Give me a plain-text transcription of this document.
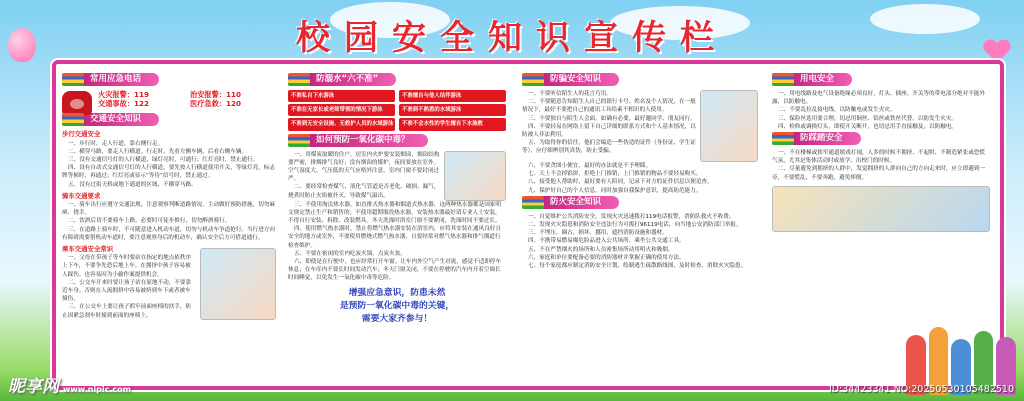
校园安全知识宣传栏
常用应急电话
火灾报警：119	治安报警：110
交通事故：122	医疗急救：120
交通安全知识
步行交通安全

一、步行时，走人行道，靠右侧行走。

二、横穿马路，要走人行横道。行走时，先看左侧车辆，后看右侧车辆。

三、没有交通信号灯的人行横道，绿灯亮时，可通行；红灯亮时，禁止通行。

四、设有自动式交通信号灯的人行横道，要先按人行横道使用开关，等绿灯亮，标志牌等候时，再通过；红灯亮或显示“等待”信号时，禁止通过。

五、没有过街天桥或地下通道的区域，不横穿马路。

骑车交通要求

一、骑车出行应遵守交通法规，注意观察判断道路情况。主动做好预防措施，切勿麻痹、侥幸。

二、饮酒后切不要骑车上路，必要时可徒步推行，切勿醉酒骑行。

三、在道路上骑车时，不可随意进入机动车道，切勿与机动车争道抢行。当行进方向有障碍需要借机动车道时，要注意观察身后的机动车，确认安全后方可借道通行。

乘车交通安全常识

一、父母在带孩子等车时要站在指定的地点依秩序上下车，不要争先恐后地上车。在拥挤中孩子容易被人踩伤。也容易因为小偷作案提供机会。

二、公交车开来时要让孩子站在原地不动，不要靠近车身。否则在人流拥挤中容易被挤到车下或者被车撞伤。

三、在公交车上要让孩子抓牢前面座椅的扶手，防止因紧急刹车时撞到前面的座椅上。

防溺水“六不准”
不准私自下水游泳	不准擅自与他人结伴游泳
不准在无家长或老师带领的情况下游泳	不准到不熟悉的水域游泳
不准到无安全设施、无救护人员的水域游泳	不准不会水性的学生擅自下水施救
如何预防一氧化碳中毒？

一、用煤炭取暖的住户，居室内火炉要安装烟囱，烟囱结构要严密，排烟排气良好；没有烟囱的煤炉，夜间要放在室外。空气湿度大、气压低的天气应格外注意，室内门窗不要封闭过严。

二、要经常检查煤气、液化气管道是否老化、破损、漏气，烧煮时防止火焰被扑灭，导致煤气溢出。

三、不使用淘汰热水器，如直排式热水器和烟道式热水器，这两种热水器都是国家明文规定禁止生产和销售的；不使用超期服役热水器，安装热水器最好请专业人士安装，不得自行安装、拆除、改装燃具。冬天洗澡时浴室门窗不要紧闭，洗澡时间不要过长。

四、使用燃气热水器时，禁止将燃气热水器安装在浴室内，应将其安装在通风良好且安全的地方或室外，不要使用燃烧式燃气热水器，且要经常对燃气热水器和排气烟道行检查维护。

五、不要在密闭的室内吃炭火锅、点炭火盆。

六、即使是在行驶中，也应经常打开车窗。让车内外空气产生对流，感觉不适即停车休息；在车库内不要长时间发动汽车；冬天门窗关闭，不要在停驶的汽车内开着空调长时间睡觉，以免发生一氧化碳中毒等危险。

增强应急意识，防患未然
是预防一氧化碳中毒的关键，
需要大家齐参与！
防骗安全知识

一、不要听信陌生人的花言巧语。

二、不要随意告知陌生人自己的银行卡号、姓名及个人情况，在一般情况下，最好不要把自己的通讯工具给素不相识的人使用。

三、不要独自与陌生人会面，如确有必要，最好邀同学、朋友同行。

四、不要轻易在网络上留下自己详细的联系方式和个人基本情况，以防被人非法利用。

五、为取得你的信任，他们会编造一些伪造的证件（身份证、学生证等），应仔细辨别其真伪，防止受骗。

六、不要贪图小便宜，最好的办法就是不予理睬。

七、天上不会掉馅饼，拒绝上门推销，上门推销的物品不要轻易购买。

八、接受他人帮助时，最好要有人陪同，记录下对方的证件信息以便追查。

九、保护好自己的个人信息，同时加强自我保护意识，提高防范能力。

防火安全知识

一、自觉维护公共消防安全，发现火灾迅速拨打119电话报警，消防队救火不收费。

二、发现火灾隐患和消防安全违法行为可拨打96119电话，向当地公安消防部门举报。

三、不埋压、圈占、损坏、挪用、遮挡消防设施和器材。

四、不携带易燃易爆危险品进入公共场所、乘坐公共交通工具。

五、不在严禁烟火的场所和人员密集场所动用明火和吸烟。

六、家庭和单位要配备必要的消防器材并掌握正确的使用方法。

七、每个家庭都应制定消防安全计划，绘制逃生疏散路线图，及时检查、消除火灾隐患。

用电安全

一、用电线路及电气设备绝缘必须良好，灯头、插座、开关等的带电部分绝对不能外露，以防触电。

二、不要乱拉乱接电线，以防触电或发生火灾。

三、保险丝选用要合理，切忌用铜丝、铝丝或铁丝代替，以防发生火灾。

四、检修或调换灯头，即使开关断开，也切忌用手直接触及，以防触电。

防踩踏安全

一、不在楼梯或狭窄通道嬉戏打闹，人多的时候不拥挤、不起哄、不制造紧张或恐慌气氛，尤其是集体活动时或放学、出校门的时候。

二、尽量避免到拥挤的人群中，发觉拥挤的人群向自己的方向走来时，应立即避到一旁，不要慌乱，不要奔跑，避免摔倒。

昵享网 www.nipic.com	ID:34423341 NO:20250530105482510
